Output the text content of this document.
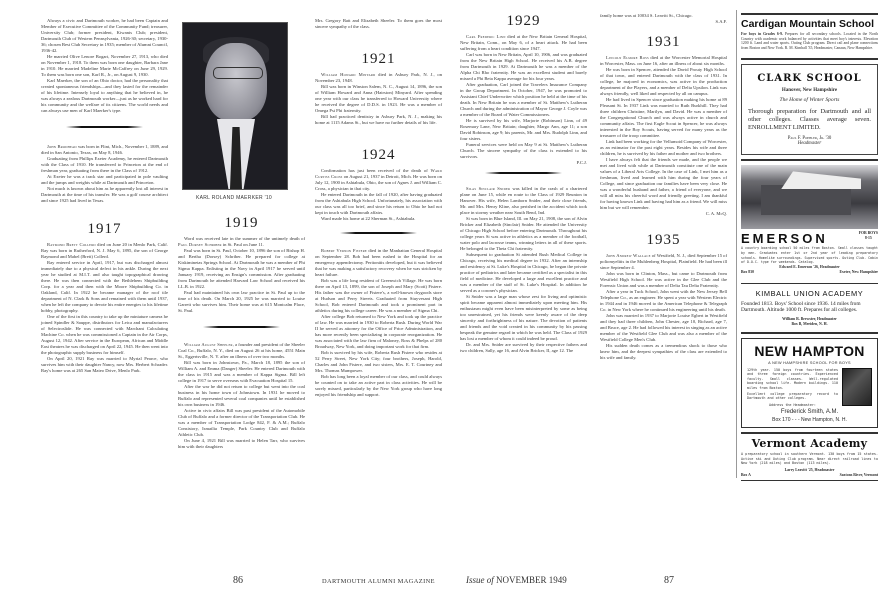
Always a civic and Dartmouth worker, he had been Captain and Member of Executive Committee of the Community Fund; treasurer, University Club; former president, Kiwanis Club; president, Dartmouth Club of Western Pennsylvania, 1926-30; secretary, 1930-36; chosen Best Club Secretary in 1935; member of Alumni Council, 1936-42.

He married Olive Lenore Bogart, November 27, 1913, who died on November 1, 1918. To them was born one daughter, Barbara Jane in 1910. He married Madeline Marie McCaffrey on June 29, 1929. To them was born one son, Karl R., Jr., on August 9, 1930.

Karl Maerker, the son of an Ohio doctor, had the personality that created spontaneous friendships—and they lasted for the remainder of his lifetime. Intensely loyal to anything that he believed in, he was always a zealous Dartmouth worker—just as he worked hard for his community and the welfare of its citizens. The world needs and can always use men of Karl Maerker's type.

John Brodhead was born in Flint, Mich., November 1, 1889, and died in San Antonio, Texas, on May 8, 1946.

Graduating from Phillips Exeter Academy, he entered Dartmouth with the Class of 1910. He transferred to Princeton at the end of freshman year, graduating from there in the Class of 1912.

At Exeter he was a track star and participated in pole vaulting and the jumps and weights while at Dartmouth and Princeton.

Not much is known about him as he apparently lost all interest in Dartmouth at the time of his transfer. He was a golf course architect and since 1925 had lived in Texas.

1917

Raymond Brett Collerd died on June 20 in Menlo Park, Calif. Ray was born in Rutherford, N. J. May 6, 1895, the son of George Raymond and Mabel (Brett) Collerd.

Ray entered service in April, 1917, but was discharged almost immediately due to a physical defect in his ankle. During the next year he studied at M.I.T. and also taught topographical drawing there. He was then connected with the Bethlehem Shipbuilding Corp. for a year and then with the Moore Shipbuilding Co. in Oakland, Calif. In 1922 he became manager of the roof tile department of N. Clark & Sons and remained with them until 1937, when he left the company to devote his entire energies to his lifetime hobby, photography.

One of the first in this country to take up the miniature camera he joined Spindler & Sauppe, distributors for Leica and manufacturers of Selectroslide. He was connected with Marchant Calculating Machine Co. when he was commissioned a Captain in the Air Corps, August 12, 1942. After service in the European, African and Middle East theatres he was discharged on April 22, 1945. He then went into the photographic supply business for himself.

On April 20, 1921 Ray was married to Myrial Pearce, who survives him with their daughter Nancy, now Mrs. Herbert Schrader. Ray's home was at 265 San Mateo Drive, Menlo Park.

KARL ROLAND MAERKER '10
1919

Word was received late in the summer of the untimely death of Paul Dorsey Schriber in St. Paul on June 11.

Paul was born in St. Paul, October 10, 1896 the son of Bishop H. and Bertha (Dorsey) Schriber. He prepared for college at Kiskiminetas Springs School. At Dartmouth he was a member of Phi Sigma Kappa. Enlisting in the Navy in April 1917 he served until January 1919, receiving an Ensign's commission. After graduating from Dartmouth he attended Harvard Law School and received his LL.B. in 1922.

Paul had maintained his own law practice in St. Paul up to the time of his death. On March 20, 1925 he was married to Louise Garrett who survives him. Their home was at 615 Montcalm Place, St. Paul.

William August Sheeler, a founder and president of the Sheeler Coal Co., Buffalo, N. Y., died on August 26 at his home, 4551 Main St., Eggertsville, N. Y. after an illness of over two months.

Bill was born in Johnstown, Pa., March 18, 1895 the son of William A. and Emma (Danger) Sheeler. He entered Dartmouth with the class in 1915 and was a member of Kappa Sigma. Bill left college in 1917 to serve overseas with Evacuation Hospital 15.

After the war he did not return to college but went into the coal business in his home town of Johnstown. In 1931 he moved to Buffalo and represented several coal companies until he established his own business in 1946.

Active in civic affairs Bill was past president of the Automobile Club of Buffalo and a former director of the Transportation Club. He was a member of Transportation Lodge 842, F. & A.M.; Buffalo Consistory, Ismailia Temple, Park Country Club and Buffalo Athletic Club.

On June 4, 1921 Bill was married to Helen Tarr, who survives him with their daughters

Mrs. Gregory Batt and Elizabeth Sheeler. To them goes the most sincere sympathy of the class.

1921

William Howard Minyard died in Asbury Park, N. J., on November 23, 1948.

Bill was born in Winston Salem, N. C., August 14, 1896, the son of William Howard and Anna (Hairston) Minyard. After spending one year with our class he transferred to Howard University where he received the degree of D.D.S. in 1923. He was a member of Omega Psi Phi fraternity.

Bill had practiced dentistry in Asbury Park, N. J., making his home at 1115 Adams St., but we have no further details of his life.

1924

Confirmation has just been received of the death of Ward Curtiss Cross on August 21, 1937 in Detroit, Mich. He was born on July 12, 1900 in Ashtabula, Ohio, the son of Agnes J. and William C. Cross, a physician in that city.

He entered Dartmouth in the fall of 1920, after having graduated from the Ashtabula High School. Unfortunately, his association with our class was all too brief, and since his return to Ohio he had not kept in touch with Dartmouth affairs.

Ward made his home at 22 Sherman St., Ashtabula.

Robert Vernon Fistere died in the Manhattan General Hospital on September 28. Bob had been rushed to the Hospital for an emergency appendectomy. Peritonitis developed, but it was believed that he was making a satisfactory recovery when he was stricken by heart failure.

Bob was a life long resident of Greenwich Village. He was born there on April 13, 1899, the son of Joseph and Mary (Scott) Fistere. His father was the owner of Fistere's, a well-known drygoods store at Hudson and Perry Streets. Graduated from Stuyvesant High School, Bob entered Dartmouth and took a prominent part in athletics during his college career. He was a member of Sigma Chi.

After college Bob returned to New York and took up the practice of law. He was married in 1930 to Roberta Rush. During World War II he served as attorney for the Office of Price Administration, and has more recently been specializing in corporate reorganization. He was associated with the law firm of Maloney, Ross & Phelps of 280 Broadway, New York, and doing important work for that firm.

Bob is survived by his wife, Roberta Rush Fistere who resides at 52 Perry Street, New York City; four brothers, Joseph, Harold, Charles and John Fistere, and two sisters, Mrs. E. T. Courtney and Mrs. Thomas Mumpower.

Bob has long been a loyal member of our class, and could always be counted on to take an active part in class activities. He will be sorely missed, particularly by the New York group who have long enjoyed his friendship and support.

1929

Carl Frederic Linn died at the New Britain General Hospital, New Britain, Conn., on May 6, of a heart attack. He had been suffering from a heart condition since 1947.

Carl was born in New Britain, April 10, 1906, and was graduated from the New Britain High School. He received his A.B. degree from Dartmouth in 1929. At Dartmouth he was a member of the Alpha Chi Rho fraternity. He was an excellent student and barely missed a Phi Beta Kappa average for his four years.

After graduation, Carl joined the Travelers Insurance Company in the Group Department. In October, 1947, he was promoted to Assistant Chief Underwriter which position he held at the time of his death. In New Britain he was a member of St. Matthew's Lutheran Church and during the administration of Mayor George J. Coyle was a member of the Board of Water Commissioners.

He is survived by his wife, Marjorie (Robinson) Linn, of 49 Rosemary Lane, New Britain; daughter, Margo Ann, age 11; a son David Robinson, age 9; his parents, Mr. and Mrs. Rudolph Linn, and four sisters.

Funeral services were held on May 9 at St. Matthew's Lutheran Church. The sincere sympathy of the class is extended to his survivors.

P.C.J.

Silas Sinclair Snider was killed in the crash of a chartered plane on June 15, while en route to the Class of 1929 Reunion in Hanover. His wife, Helen Lamborn Snider, and their close friends, Mr. and Mrs. Henry Kline, also perished in the accident which took place in stormy weather near South Bend, Ind.

Si was born in Blue Island, Ill. on May 21, 1908, the son of Alvin Bricker and Elizabeth (Sinclair) Snider. He attended the University of Chicago High School before entering Dartmouth. Throughout his college years Si was active in athletics as a member of the football, water polo and lacrosse teams, winning letters in all of these sports. He belonged to the Theta Chi fraternity.

Subsequent to graduation Si attended Rush Medical College in Chicago, receiving his medical degree in 1932. After an internship and residency at St. Luke's Hospital in Chicago, he began the private practice of pediatrics and later became certified as a specialist in this field of medicine. He developed a large and excellent practice and was a member of the staff of St. Luke's Hospital. In addition he served as a coroner's physician.

Si Snider was a large man whose zest for living and optimistic spirit became apparent almost immediately upon meeting him. His enthusiasm might even have been misinterpreted by some as being too unrestrained, yet his friends were keenly aware of the deep sincerity and forthrightness of his nature. The devotion of patients and friends and the void created in his community by his passing bespeak the genuine regard in which he was held. The Class of 1929 has lost a member of whom it could indeed be proud.

Dr. and Mrs. Snider are survived by their respective fathers and two children, Sally, age 16, and Alvin Bricker, II, age 12. The

family home was at 10034 S. Leavitt St., Chicago.

S.A.F.
1931

Lincoln Elmore Ross died at the Worcester Memorial Hospital in Worcester, Mass. on June 16, after an illness of about six months.

He was born in Spencer, attended the David Prouty High School of that town, and entered Dartmouth with the class of 1931. In college, he majored in economics, was active in the production department of the Players, and a member of Delta Upsilon. Link was always friendly, well liked and respected by all on campus.

He had lived in Spencer since graduation making his home at 89 Pleasant St. In 1937 Link was married to Ruth Burkhill. They had three children Christine, Marilyn, and David. He was a member of the Congregational Church and was always active in church and community affairs. The first Eagle Scout in Spencer, he was always interested in the Boy Scouts, having served for many years as the treasurer of the troop committee.

Link had been working for the Vellumoid Company of Worcester, as an estimator for the past eight years. Besides his wife and three children, he is survived by his father and mother and two brothers.

I have always felt that the friends we made, and the people we met and lived with while at Dartmouth constitute one of the main values of a Liberal Arts College. In the case of Link, I met him as a freshman, lived and learned with him during the four years of College, and since graduation our families have been very close. He was a wonderful husband and father, a friend of everyone, and we will all miss his cheerful word and friendly greeting. I am thankful for having known Link and having had him as a friend. We will miss him but we will remember.

C. A. McQ.
1935

John Andrew Wallace of Westfield, N. J., died September 15 of poliomyelitis in the Muhlenberg Hospital, Plainfield. He had been ill since September 4.

John was born in Clinton, Mass., but came to Dartmouth from Westfield High School. He was active in the Glee Club and the Forensic Union and was a member of Delta Tau Delta Fraternity.

After a year in Tuck School, John went with the New Jersey Bell Telephone Co., as an engineer. He spent a year with Western Electric in 1944 and in 1946 moved to the American Telephone & Telegraph Co. in New York where he continued his engineering until his death.

John was married in 1937 to Marjorie Louise Egbert in Westfield and they had three children, John Chester, age 10, Richard, age 7, and Bruce, age 2. He had followed his interest in singing as an active member of the Westfield Glee Club and was also a member of the Westfield College Men's Club.

His sudden death comes as a tremendous shock to those who knew him, and the deepest sympathies of the class are extended to his wife and family.

86	DARTMOUTH ALUMNI MAGAZINE	Issue of NOVEMBER 1949	87
Cardigan Mountain School
For boys in Grades 6-9. Prepares for all secondary schools. Located in the North Country with academic work balanced by activities that meet boy's interests. Elevation 1200 ft. Land and water sports. Outing Club program. Direct rail and plane connections from Boston and New York. R. M. Kimball '35, Headmaster, Canaan, New Hampshire.
CLARK SCHOOL
Hanover, New Hampshire
The Home of Winter Sports
Thorough preparation for Dartmouth and all other colleges. Classes average seven. ENROLLMENT LIMITED.
Paul F. Poehler, Jr. '30
Headmaster
EMERSON	FOR BOYS
8-15
A country boarding school 50 miles from Boston. Small classes taught by men. Graduates enter 1st or 2nd year of leading preparatory schools. Homelike surroundings. Supervised sports. Outing Club. Cabin of D.O.C. type for weekends. Catalog.
Edward E. Emerson '26, Headmaster
Box 830	Exeter, New Hampshire
KIMBALL UNION ACADEMY
Founded 1813. Boys' School since 1936. 14 miles from Dartmouth. Altitude 1000 ft. Prepares for all colleges.
William R. Brewster, Headmaster
Box B, Meriden, N. H.
NEW HAMPTON
A NEW HAMPSHIRE SCHOOL FOR BOYS
129th year. 150 boys from fourteen states and three foreign countries. Experienced faculty. Small classes. Well-regulated boarding school life. Modern buildings. 110 miles from Boston.
Excellent college preparatory record to Dartmouth and other colleges.
Address the Headmaster:
Frederick Smith, A.M.
Box 170 - - - New Hampton, N. H.
Vermont Academy
A preparatory school in southern Vermont. 130 boys from 15 states. Active ski and Outing Club program. Near direct railroad lines to New York (218 miles) and Boston (113 miles).
Larry Leavitt '25, Headmaster
Box A	Saxtons River, Vermont
